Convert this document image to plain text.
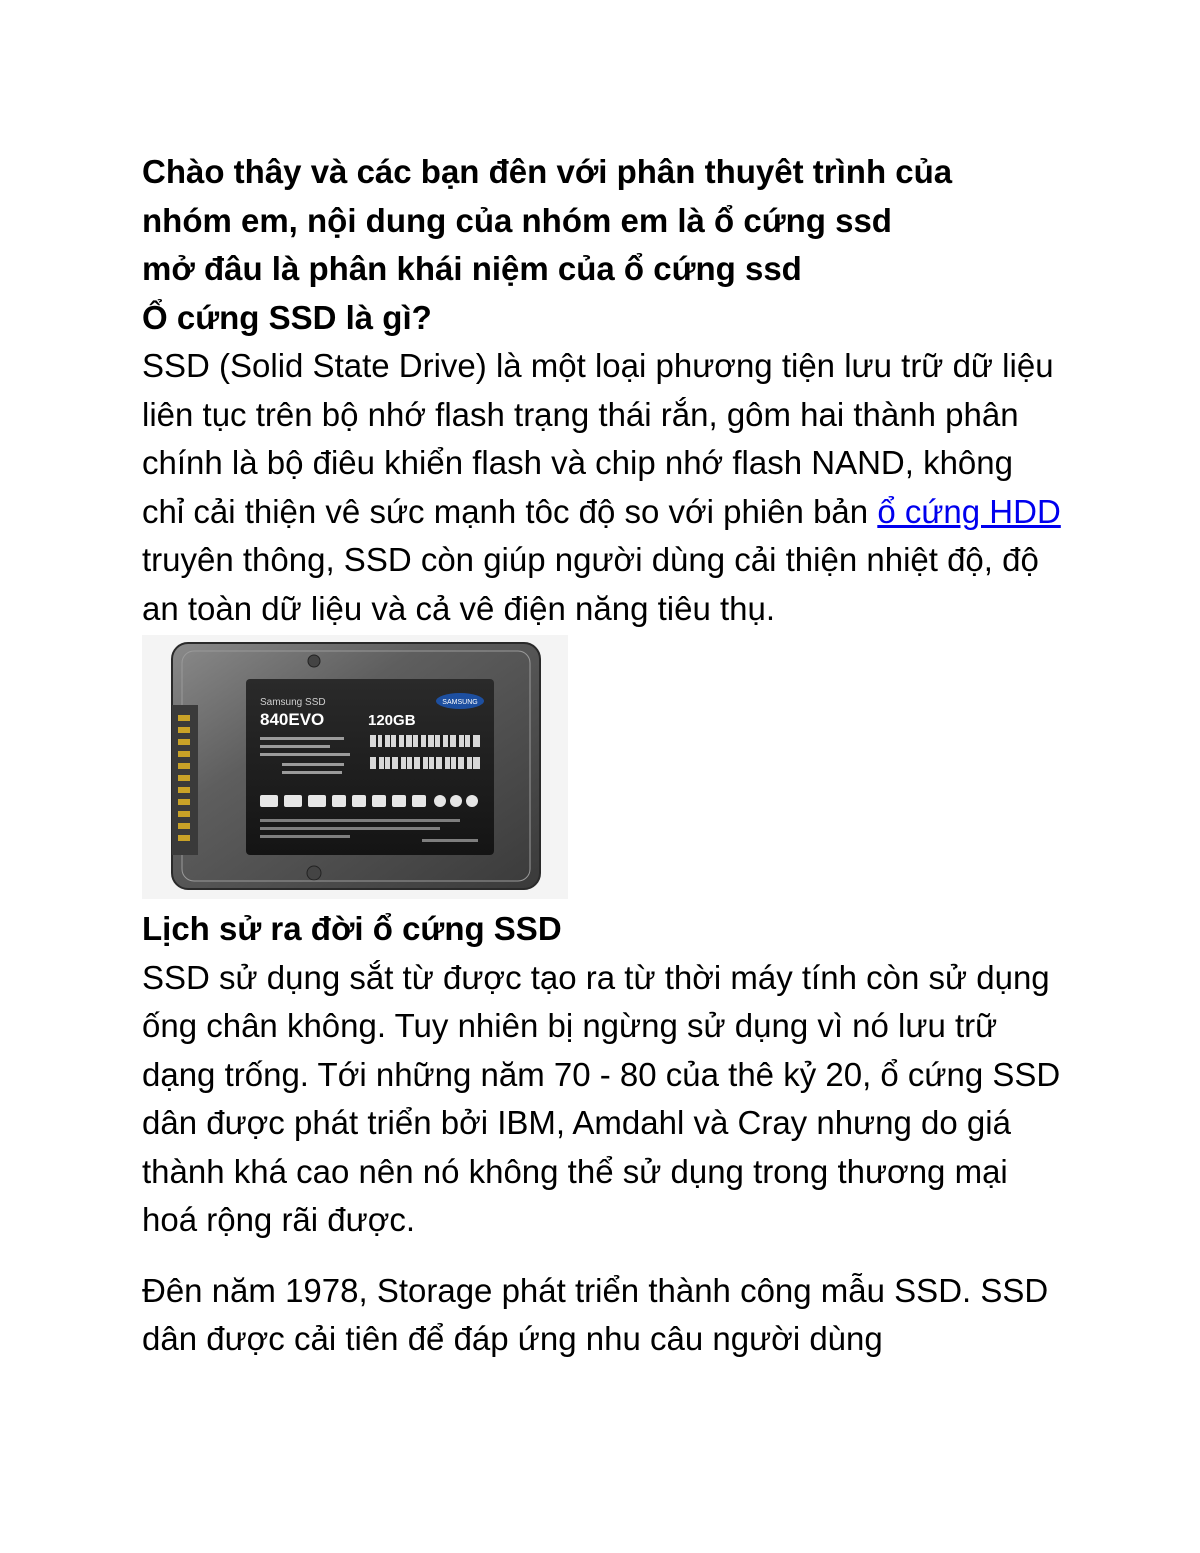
Chào thây và các bạn đên với phân thuyêt trình của
nhóm em, nội dung của nhóm em là ổ cứng ssd
mở đâu là phân khái niệm của ổ cứng ssd

Ổ cứng SSD là gì?

SSD (Solid State Drive) là một loại phương tiện lưu trữ dữ liệu liên tục trên bộ nhớ flash trạng thái rắn, gôm hai thành phân chính là bộ điêu khiển flash và chip nhớ flash NAND, không chỉ cải thiện vê sức mạnh tôc độ so với phiên bản ổ cứng HDD truyên thông, SSD còn giúp người dùng cải thiện nhiệt độ, độ an toàn dữ liệu và cả vê điện năng tiêu thụ.

Samsung SSD
840EVO	120GB
SAMSUNG

Lịch sử ra đời ổ cứng SSD

SSD sử dụng sắt từ được tạo ra từ thời máy tính còn sử dụng ống chân không. Tuy nhiên bị ngừng sử dụng vì nó lưu trữ dạng trống. Tới những năm 70 - 80 của thê kỷ 20, ổ cứng SSD dân được phát triển bởi IBM, Amdahl và Cray nhưng do giá thành khá cao nên nó không thể sử dụng trong thương mại hoá rộng rãi được.

Đên năm 1978, Storage phát triển thành công mẫu SSD. SSD dân được cải tiên để đáp ứng nhu câu người dùng
